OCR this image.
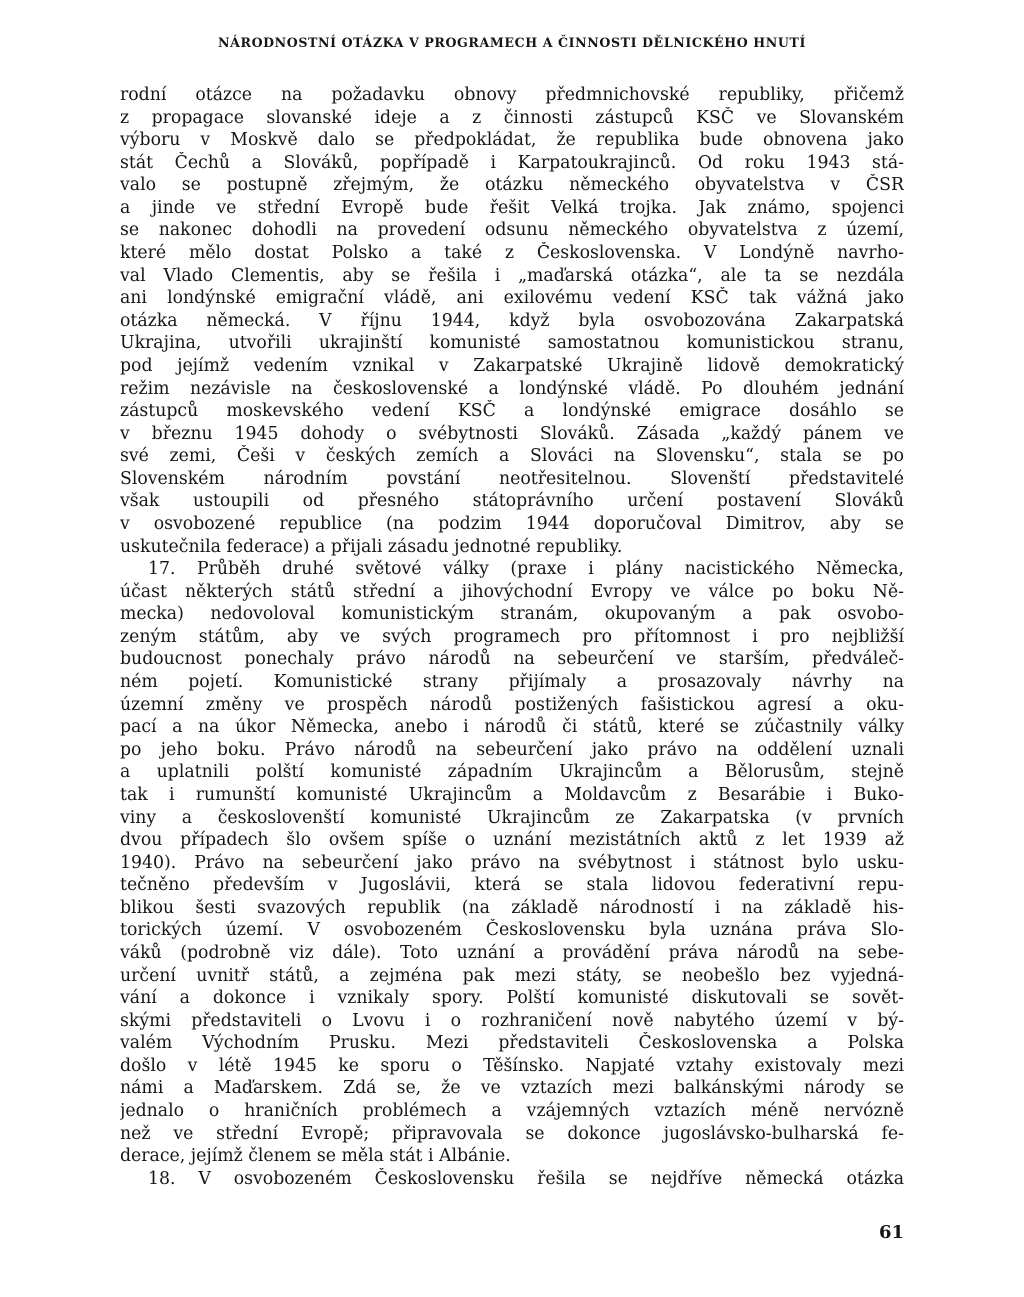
NÁRODNOSTNÍ OTÁZKA V PROGRAMECH A ČINNOSTI DĚLNICKÉHO HNUTÍ
rodní otázce na požadavku obnovy předmnichovské republiky, přičemž
z propagace slovanské ideje a z činnosti zástupců KSČ ve Slovanském
výboru v Moskvě dalo se předpokládat, že republika bude obnovena jako
stát Čechů a Slováků, popřípadě i Karpatoukrajinců. Od roku 1943 stá-
valo se postupně zřejmým, že otázku německého obyvatelstva v ČSR
a jinde ve střední Evropě bude řešit Velká trojka. Jak známo, spojenci
se nakonec dohodli na provedení odsunu německého obyvatelstva z území,
které mělo dostat Polsko a také z Československa. V Londýně navrho-
val Vlado Clementis, aby se řešila i „maďarská otázka“, ale ta se nezdála
ani londýnské emigrační vládě, ani exilovému vedení KSČ tak vážná jako
otázka německá. V říjnu 1944, když byla osvobozována Zakarpatská
Ukrajina, utvořili ukrajinští komunisté samostatnou komunistickou stranu,
pod jejímž vedením vznikal v Zakarpatské Ukrajině lidově demokratický
režim nezávisle na československé a londýnské vládě. Po dlouhém jednání
zástupců moskevského vedení KSČ a londýnské emigrace dosáhlo se
v březnu 1945 dohody o svébytnosti Slováků. Zásada „každý pánem ve
své zemi, Češi v českých zemích a Slováci na Slovensku“, stala se po
Slovenském národním povstání neotřesitelnou. Slovenští představitelé
však ustoupili od přesného státoprávního určení postavení Slováků
v osvobozené republice (na podzim 1944 doporučoval Dimitrov, aby se
uskutečnila federace) a přijali zásadu jednotné republiky.
17. Průběh druhé světové války (praxe i plány nacistického Německa,
účast některých států střední a jihovýchodní Evropy ve válce po boku Ně-
mecka) nedovoloval komunistickým stranám, okupovaným a pak osvobo-
zeným státům, aby ve svých programech pro přítomnost i pro nejbližší
budoucnost ponechaly právo národů na sebeurčení ve starším, předváleč-
ném pojetí. Komunistické strany přijímaly a prosazovaly návrhy na
územní změny ve prospěch národů postižených fašistickou agresí a oku-
pací a na úkor Německa, anebo i národů či států, které se zúčastnily války
po jeho boku. Právo národů na sebeurčení jako právo na oddělení uznali
a uplatnili polští komunisté západním Ukrajincům a Bělorusům, stejně
tak i rumunští komunisté Ukrajincům a Moldavcům z Besarábie i Buko-
viny a českoslovenští komunisté Ukrajincům ze Zakarpatska (v prvních
dvou případech šlo ovšem spíše o uznání mezistátních aktů z let 1939 až
1940). Právo na sebeurčení jako právo na svébytnost i státnost bylo usku-
tečněno především v Jugoslávii, která se stala lidovou federativní repu-
blikou šesti svazových republik (na základě národností i na základě his-
torických území. V osvobozeném Československu byla uznána práva Slo-
váků (podrobně viz dále). Toto uznání a provádění práva národů na sebe-
určení uvnitř států, a zejména pak mezi státy, se neobešlo bez vyjedná-
vání a dokonce i vznikaly spory. Polští komunisté diskutovali se sovět-
skými představiteli o Lvovu i o rozhraničení nově nabytého území v bý-
valém Východním Prusku. Mezi představiteli Československa a Polska
došlo v létě 1945 ke sporu o Těšínsko. Napjaté vztahy existovaly mezi
námi a Maďarskem. Zdá se, že ve vztazích mezi balkánskými národy se
jednalo o hraničních problémech a vzájemných vztazích méně nervózně
než ve střední Evropě; připravovala se dokonce jugoslávsko-bulharská fe-
derace, jejímž členem se měla stát i Albánie.
18. V osvobozeném Československu řešila se nejdříve německá otázka
61
